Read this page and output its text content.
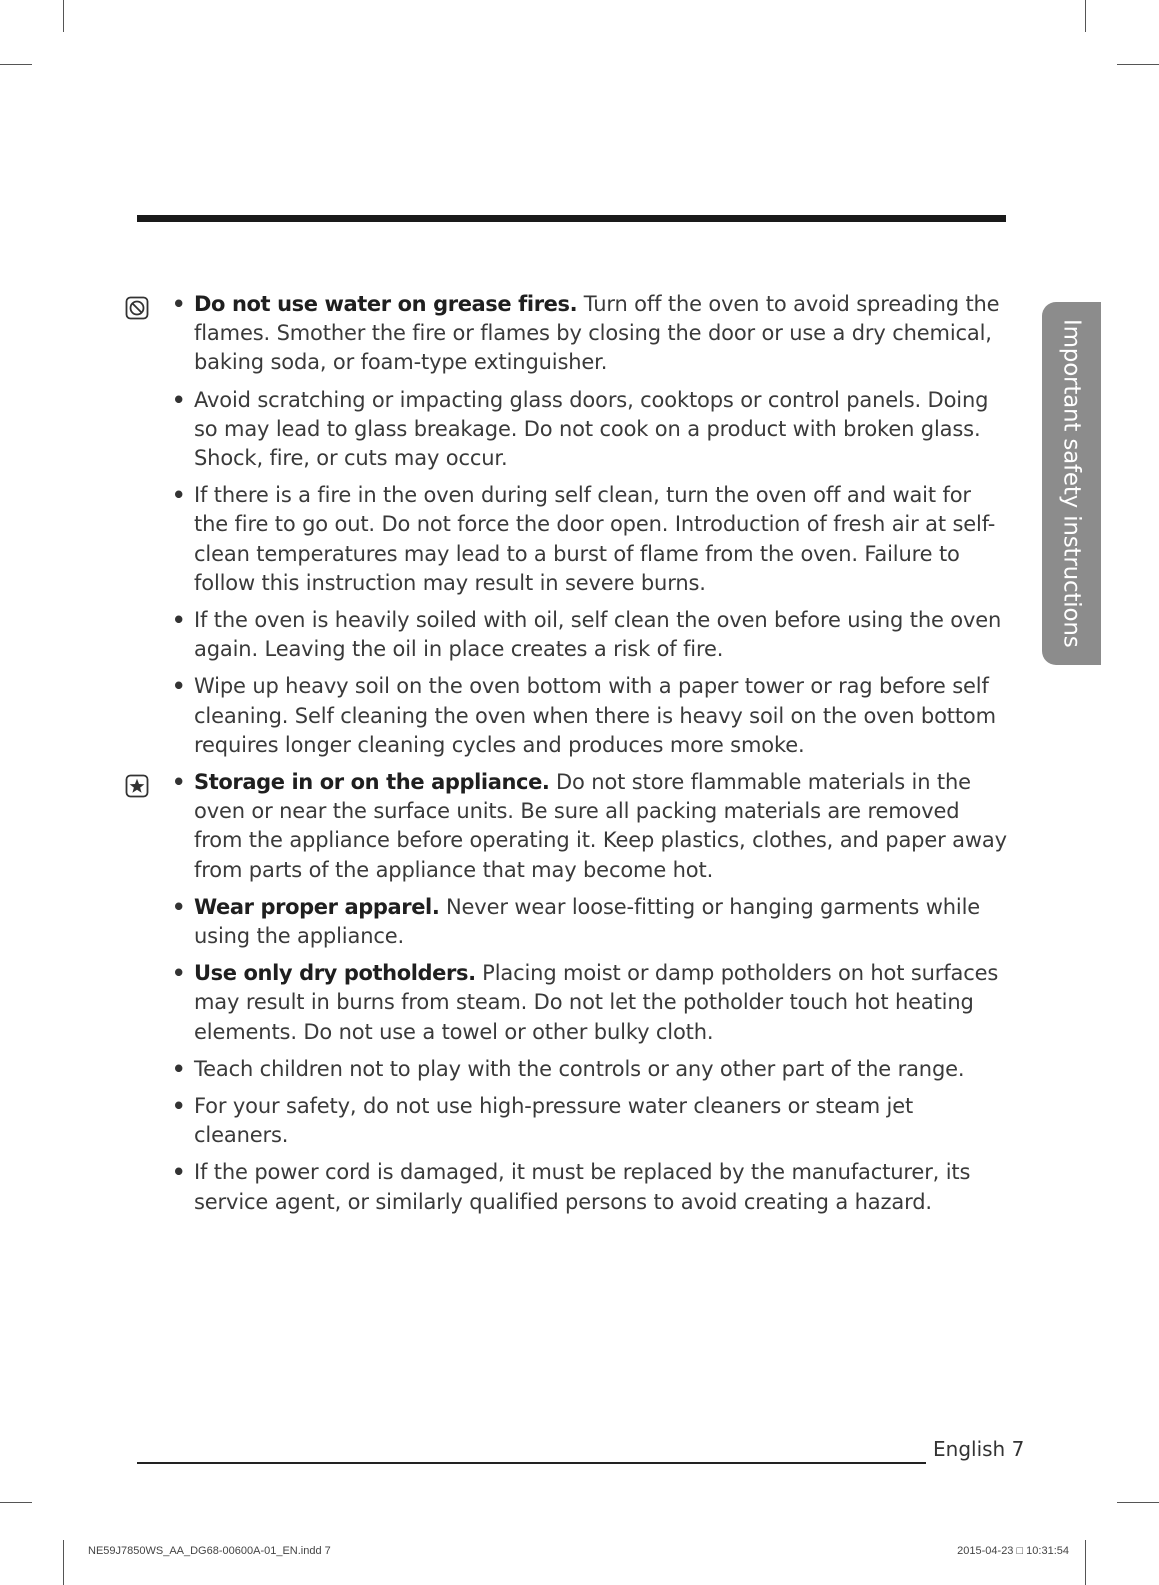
Important safety instructions
• Do not use water on grease fires. Turn off the oven to avoid spreading the flames. Smother the fire or flames by closing the door or use a dry chemical, baking soda, or foam-type extinguisher.
• Avoid scratching or impacting glass doors, cooktops or control panels. Doing so may lead to glass breakage. Do not cook on a product with broken glass. Shock, fire, or cuts may occur.
• If there is a fire in the oven during self clean, turn the oven off and wait for the fire to go out. Do not force the door open. Introduction of fresh air at self-clean temperatures may lead to a burst of flame from the oven. Failure to follow this instruction may result in severe burns.
• If the oven is heavily soiled with oil, self clean the oven before using the oven again. Leaving the oil in place creates a risk of fire.
• Wipe up heavy soil on the oven bottom with a paper tower or rag before self cleaning. Self cleaning the oven when there is heavy soil on the oven bottom requires longer cleaning cycles and produces more smoke.
• Storage in or on the appliance. Do not store flammable materials in the oven or near the surface units. Be sure all packing materials are removed from the appliance before operating it. Keep plastics, clothes, and paper away from parts of the appliance that may become hot.
• Wear proper apparel. Never wear loose-fitting or hanging garments while using the appliance.
• Use only dry potholders. Placing moist or damp potholders on hot surfaces may result in burns from steam. Do not let the potholder touch hot heating elements. Do not use a towel or other bulky cloth.
• Teach children not to play with the controls or any other part of the range.
• For your safety, do not use high-pressure water cleaners or steam jet cleaners.
• If the power cord is damaged, it must be replaced by the manufacturer, its service agent, or similarly qualified persons to avoid creating a hazard.
English 7
NE59J7850WS_AA_DG68-00600A-01_EN.indd 7	2015-04-23 □ 10:31:54
